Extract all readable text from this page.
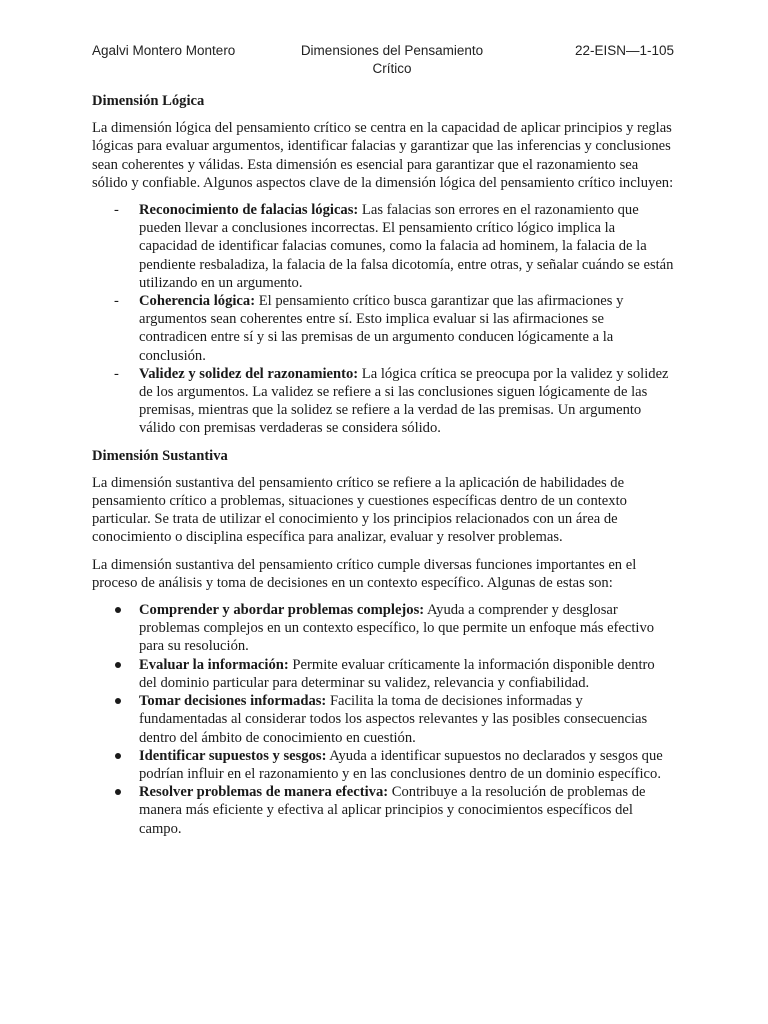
Agalvi Montero Montero	Dimensiones del Pensamiento Crítico
22-EISN—1-105
Dimensión Lógica

La dimensión lógica del pensamiento crítico se centra en la capacidad de aplicar principios y reglas lógicas para evaluar argumentos, identificar falacias y garantizar que las inferencias y conclusiones sean coherentes y válidas. Esta dimensión es esencial para garantizar que el razonamiento sea sólido y confiable. Algunos aspectos clave de la dimensión lógica del pensamiento crítico incluyen:

-	Reconocimiento de falacias lógicas: Las falacias son errores en el razonamiento que pueden llevar a conclusiones incorrectas. El pensamiento crítico lógico implica la capacidad de identificar falacias comunes, como la falacia ad hominem, la falacia de la pendiente resbaladiza, la falacia de la falsa dicotomía, entre otras, y señalar cuándo se están utilizando en un argumento.
-	Coherencia lógica: El pensamiento crítico busca garantizar que las afirmaciones y argumentos sean coherentes entre sí. Esto implica evaluar si las afirmaciones se contradicen entre sí y si las premisas de un argumento conducen lógicamente a la conclusión.
-	Validez y solidez del razonamiento: La lógica crítica se preocupa por la validez y solidez de los argumentos. La validez se refiere a si las conclusiones siguen lógicamente de las premisas, mientras que la solidez se refiere a la verdad de las premisas. Un argumento válido con premisas verdaderas se considera sólido.
Dimensión Sustantiva

La dimensión sustantiva del pensamiento crítico se refiere a la aplicación de habilidades de pensamiento crítico a problemas, situaciones y cuestiones específicas dentro de un contexto particular. Se trata de utilizar el conocimiento y los principios relacionados con un área de conocimiento o disciplina específica para analizar, evaluar y resolver problemas.

La dimensión sustantiva del pensamiento crítico cumple diversas funciones importantes en el proceso de análisis y toma de decisiones en un contexto específico. Algunas de estas son:

Comprender y abordar problemas complejos: Ayuda a comprender y desglosar problemas complejos en un contexto específico, lo que permite un enfoque más efectivo para su resolución.
Evaluar la información: Permite evaluar críticamente la información disponible dentro del dominio particular para determinar su validez, relevancia y confiabilidad.
Tomar decisiones informadas: Facilita la toma de decisiones informadas y fundamentadas al considerar todos los aspectos relevantes y las posibles consecuencias dentro del ámbito de conocimiento en cuestión.
Identificar supuestos y sesgos: Ayuda a identificar supuestos no declarados y sesgos que podrían influir en el razonamiento y en las conclusiones dentro de un dominio específico.
Resolver problemas de manera efectiva: Contribuye a la resolución de problemas de manera más eficiente y efectiva al aplicar principios y conocimientos específicos del campo.
